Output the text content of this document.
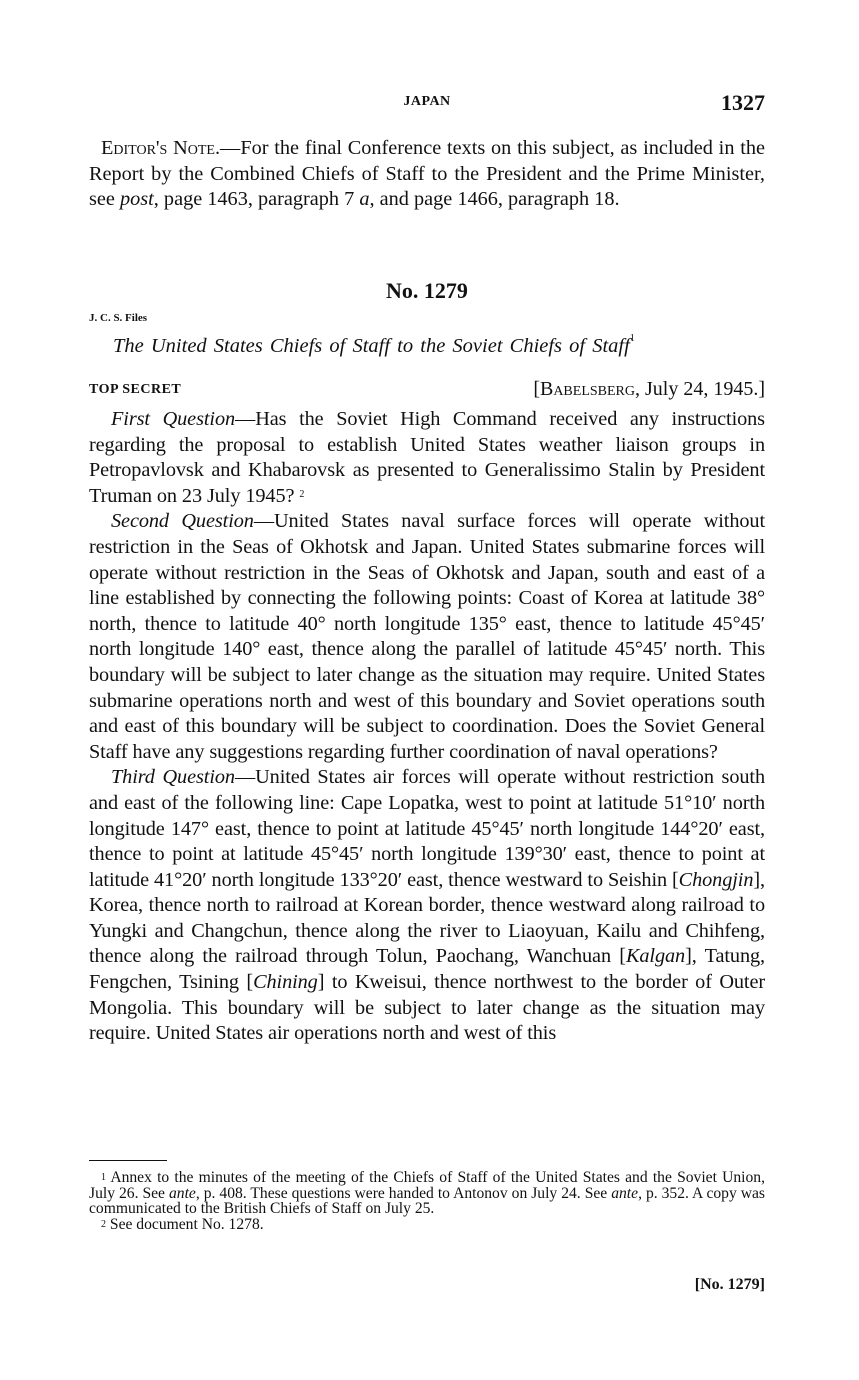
JAPAN	1327

Editor's Note.—For the final Conference texts on this subject, as included in the Report by the Combined Chiefs of Staff to the President and the Prime Minister, see post, page 1463, paragraph 7 a, and page 1466, paragraph 18.

No. 1279
J. C. S. Files
The United States Chiefs of Staff to the Soviet Chiefs of Staff$^1$
TOP SECRET	[Babelsberg, July 24, 1945.]

First Question—Has the Soviet High Command received any instructions regarding the proposal to establish United States weather liaison groups in Petropavlovsk and Khabarovsk as presented to Generalissimo Stalin by President Truman on 23 July 1945? $^2$

Second Question—United States naval surface forces will operate without restriction in the Seas of Okhotsk and Japan. United States submarine forces will operate without restriction in the Seas of Okhotsk and Japan, south and east of a line established by connecting the following points: Coast of Korea at latitude 38° north, thence to latitude 40° north longitude 135° east, thence to latitude 45°45′ north longitude 140° east, thence along the parallel of latitude 45°45′ north. This boundary will be subject to later change as the situation may require. United States submarine operations north and west of this boundary and Soviet operations south and east of this boundary will be subject to coordination. Does the Soviet General Staff have any suggestions regarding further coordination of naval operations?

Third Question—United States air forces will operate without restriction south and east of the following line: Cape Lopatka, west to point at latitude 51°10′ north longitude 147° east, thence to point at latitude 45°45′ north longitude 144°20′ east, thence to point at latitude 45°45′ north longitude 139°30′ east, thence to point at latitude 41°20′ north longitude 133°20′ east, thence westward to Seishin [Chongjin], Korea, thence north to railroad at Korean border, thence westward along railroad to Yungki and Changchun, thence along the river to Liaoyuan, Kailu and Chihfeng, thence along the railroad through Tolun, Paochang, Wanchuan [Kalgan], Tatung, Fengchen, Tsining [Chining] to Kweisui, thence northwest to the border of Outer Mongolia. This boundary will be subject to later change as the situation may require. United States air operations north and west of this

$^1$ Annex to the minutes of the meeting of the Chiefs of Staff of the United States and the Soviet Union, July 26. See ante, p. 408. These questions were handed to Antonov on July 24. See ante, p. 352. A copy was communicated to the British Chiefs of Staff on July 25.

$^2$ See document No. 1278.

[No. 1279]
